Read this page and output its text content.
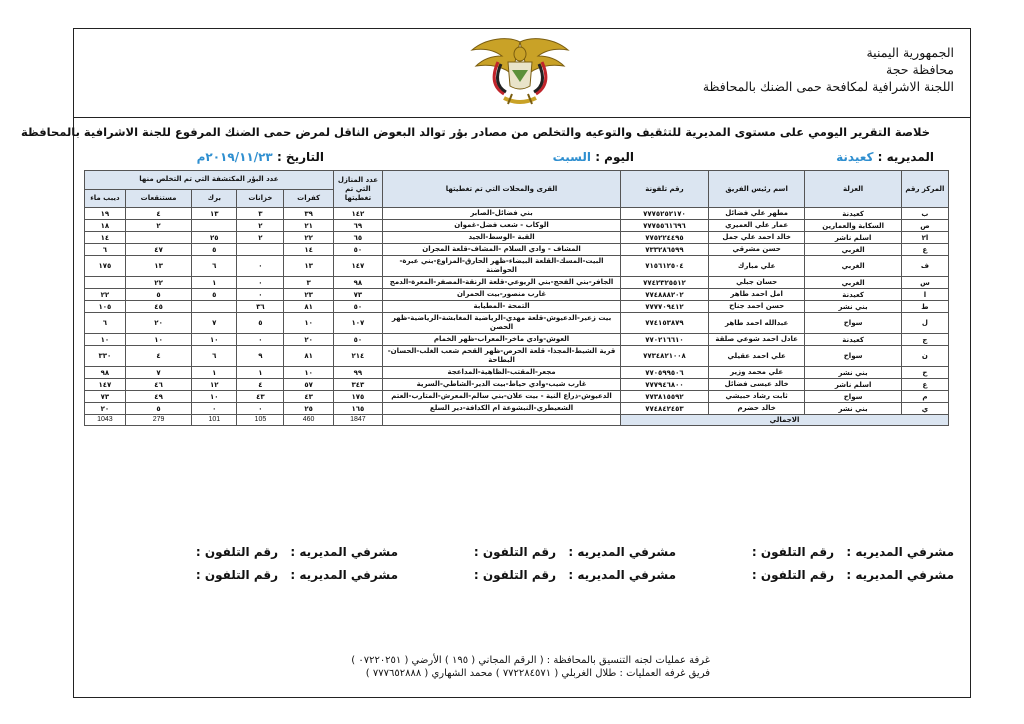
الجمهورية اليمنية
محافظة حجة
اللجنة الاشرافية لمكافحة حمى الضنك بالمحافظة
خلاصة التقرير اليومي على مستوى المديرية للتثقيف والتوعيه والتخلص من مصادر بؤر توالد البعوض الناقل لمرض حمى الضنك المرفوع للجنة الاشرافية بالمحافظة
المديريه : كعيدنة
اليوم : السبت
التاريخ : ٢٠١٩/١١/٢٣م
المركز رقم	العزلة	اسم رئيس الفريق	رقم تلفونة	القرى والمحلات التي تم تغطيتها	عدد المنازل التي تم تغطيتها	عدد البؤر المكتشفة التي تم التخلص منها				
						كفرات	خزانات	برك	مستنقعات	ديبب ماء
ب	كعيدنة	مطهر علي فضائل	٧٧٧٥٢٥٢١٧٠	بني فضائل-الصابر	١٤٢	٣٩	٣	١٣	٤	١٩
ص	السكابة والعمارين	عمار علي العميري	٧٧٧٥٥٦١٦٩٦	الوكاب - شعب فضل-غموان	٦٩	٢١	٢		٢	١٨
ا٢	اسلم ناشر	خالد احمد علي جمل	٧٧٥٢٢٤٤٩٥	القبة -الوسط-الجيد	٦٥	٢٢	٢	٢٥		١٤
ع	الغربي	حسن مشرقي	٧٣٣٢٨٦٥٩٩	المشاف - وادي السلام -المشاف-قلعة المجران	٥٠	١٤		٥	٤٧	٦
ف	الغربي	علي مبارك	٧١٥٦١٢٥٠٤	البيت-المسك-القلعة البيضاء-ظهر الحارق-المزاوع-بني عبرة-الحواضنة	١٤٧	١٣	٠	٦	١٣	١٧٥
س	الغربي	حسان جبلي	٧٧٤٢٣٢٥٥١٢	الجافر-بني الفحج-بني الريوعي-قلعة الرنقة-المصفر-المعرة-الدمج	٩٨	٣	٠	١	٢٢	
ا	كعيدنة	امل احمد طاهر	٧٧٤٨٨٨٢٠٢	غارب منصور-بيت الحمران	٧٣	٢٣	٠	٥	٥	٢٢
ط	بني نشر	حسن احمد جناح	٧٧٧٧٠٩٤١٢	التمحة -المطيابة	٥٠	٨١	٣٦		٤٥	١٠٥
ل	سواح	عبدالله احمد طاهر	٧٧٤١٥٣٨٧٩	بيت زعير-الدعيوش-قلعة مهدي-الرياضية المغابشة-الرياضية-ظهر الحصن	١٠٧	١٠	٥	٧	٢٠	٦
ج	كعيدنة	عادل احمد شوعي صلقة	٧٧٠٢١٦٦١٠	العوش-وادي ماخر-المعراب-ظهر الخمام	٥٠	٢٠	٠	١٠	١٠	١٠
ن	سواح	علي احمد عقيلي	٧٧٣٤٨٢١٠٠٨	قرية الشيط-المجذا- قلعة الحرص-ظهر القحم شعب الغلب-الحسان-البطاحة	٢١٤	٨١	٩	٦	٤	٣٣٠
ح	بني نشر	علي محمد وزير	٧٧٠٥٩٩٥٠٦	مجعر-المقتب-الظاهية-المداعجة	٩٩	١٠	١	١	٧	٩٨
ع	اسلم ناشر	خالد عيسى فضائل	٧٧٧٩٤٦٨٠٠	غارب شيب-وادي حياط-بيت الدير-الشاطي-السرية	٣٤٣	٥٧	٤	١٢	٤٦	١٤٧
م	سواح	ثابت رشاد حبيشي	٧٧٣٨١٥٥٩٢	الدعيوش-ذراع النية - بيت علان-بني سالم-المعرش-المتارب-العتم	١٧٥	٤٣	٤٣	١٠	٤٩	٧٣
ي	بني نشر	خالد حضرم	٧٧٤٨٤٢٤٥٣	الشعيطري-النبشوعة ام الكدافة-دير السلع	١٦٥	٢٥	٠	٠	٥	٢٠
الاجمالي					1847	460	105	101	279	1043
مشرفي المديريه :
رقم التلفون :
مشرفي المديريه :
رقم التلفون :
مشرفي المديريه :
رقم التلفون :
مشرفي المديريه :
رقم التلفون :
مشرفي المديريه :
رقم التلفون :
مشرفي المديريه :
رقم التلفون :
غرفة عمليات لجنه التنسيق بالمحافظة : ( الرقم المجاني ( ١٩٥ ) الأرضي ( ٠٧٢٢٠٢٥١ )
فريق غرفه العمليات : طلال الغربلي ( ٧٧٢٢٨٤٥٧١ ) محمد الشهاري ( ٧٧٧٦٥٢٨٨٨ )
